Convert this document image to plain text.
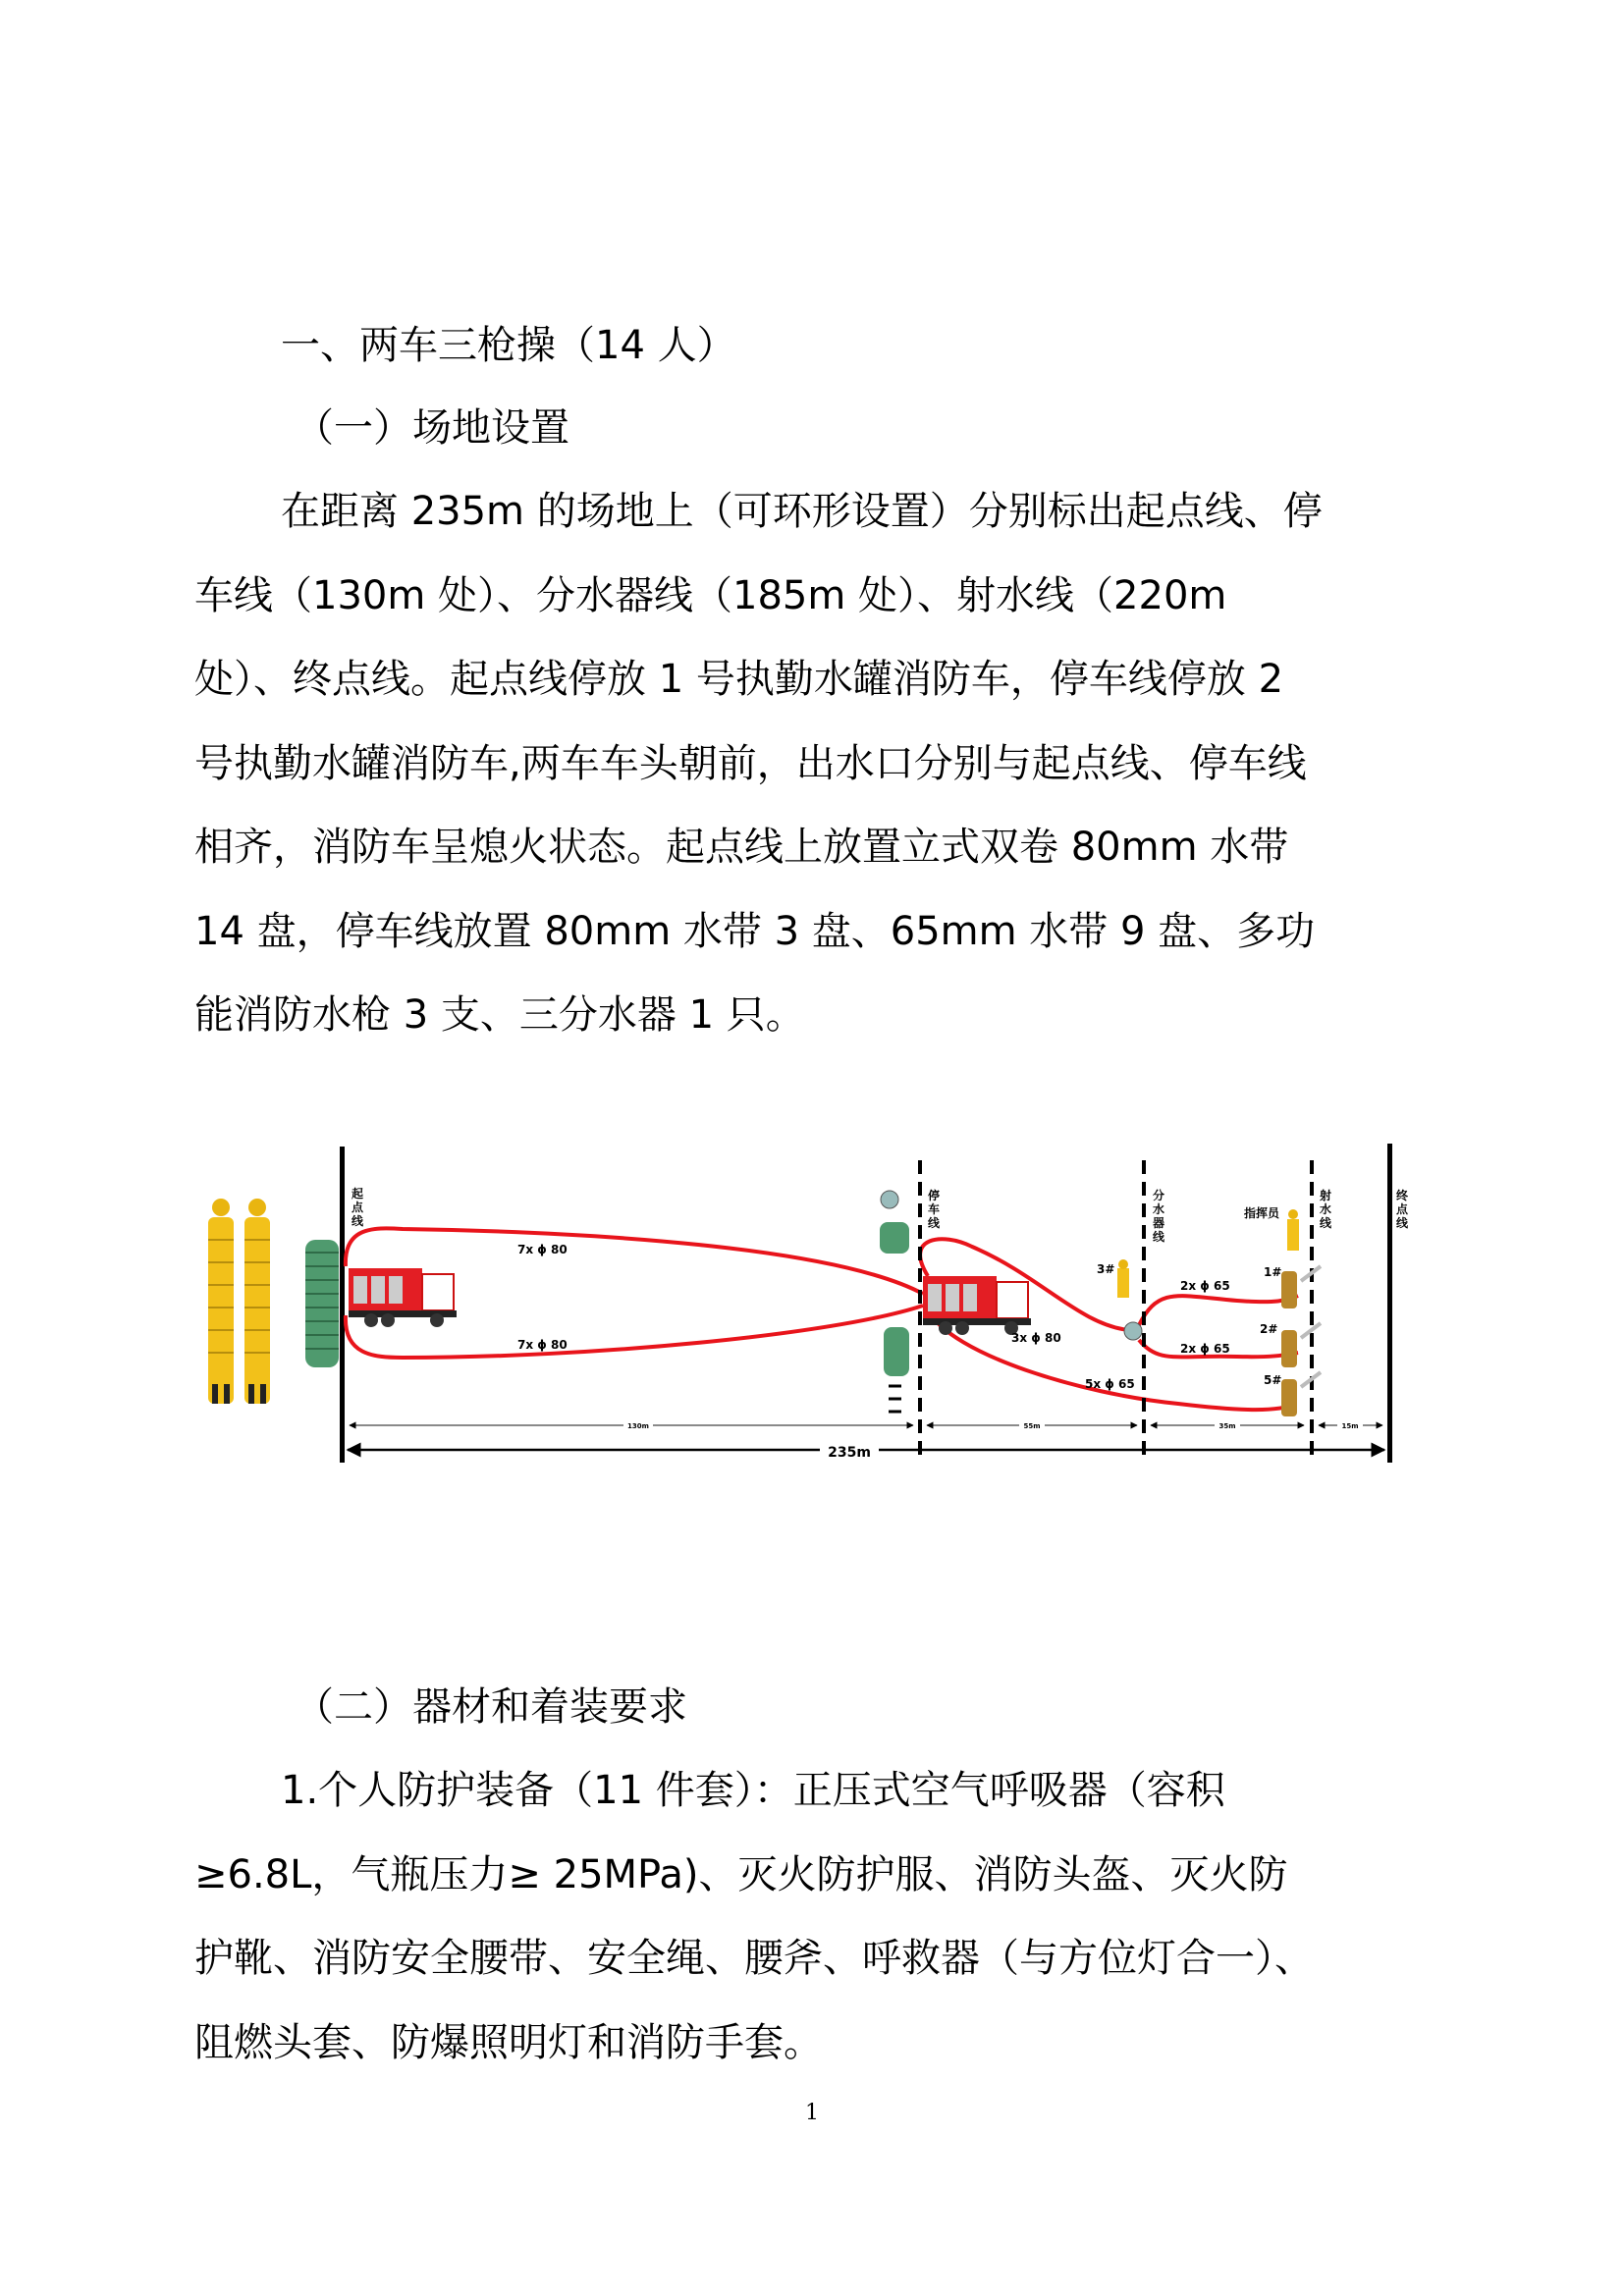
一、两车三枪操（14 人）
（一）场地设置
在距离 235m 的场地上（可环形设置）分别标出起点线、停
车线（130m 处）、分水器线（185m 处）、射水线（220m
处）、终点线。起点线停放 1 号执勤水罐消防车，停车线停放 2
号执勤水罐消防车,两车车头朝前，出水口分别与起点线、停车线
相齐，消防车呈熄火状态。起点线上放置立式双卷 80mm 水带
14 盘，停车线放置 80mm 水带 3 盘、65mm 水带 9 盘、多功
能消防水枪 3 支、三分水器 1 只。
起点线
停车线
分水器线
射水线
终点线
7x ϕ 80
7x ϕ 80	3x ϕ 80
5x ϕ 65
2x ϕ 65
2x ϕ 65
3#
指挥员
1#
2#
5#
130m	55m	35m	15m
235m
（二）器材和着装要求
1.个人防护装备（11 件套）：正压式空气呼吸器（容积
≥6.8L，气瓶压力≥ 25MPa)、灭火防护服、消防头盔、灭火防
护靴、消防安全腰带、安全绳、腰斧、呼救器（与方位灯合一）、
阻燃头套、防爆照明灯和消防手套。
1
